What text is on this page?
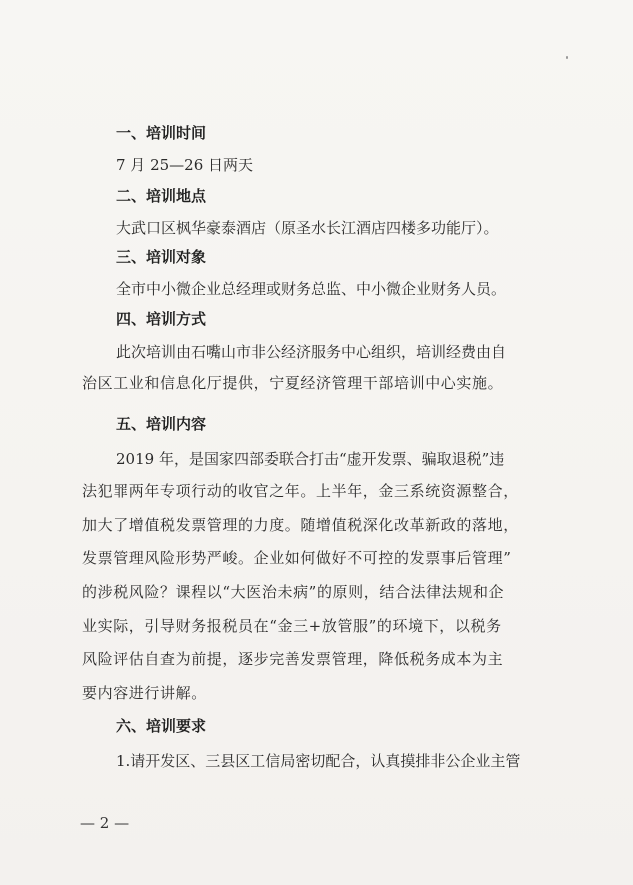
一、培训时间
7 月 25—26 日两天
二、培训地点
大武口区枫华豪泰酒店（原圣水长江酒店四楼多功能厅）。
三、培训对象
全市中小微企业总经理或财务总监、中小微企业财务人员。
四、培训方式
此次培训由石嘴山市非公经济服务中心组织，培训经费由自
治区工业和信息化厅提供，宁夏经济管理干部培训中心实施。
五、培训内容
2019 年，是国家四部委联合打击“虚开发票、骗取退税”违
法犯罪两年专项行动的收官之年。上半年，金三系统资源整合，
加大了增值税发票管理的力度。随增值税深化改革新政的落地，
发票管理风险形势严峻。企业如何做好不可控的发票事后管理”
的涉税风险？课程以“大医治未病”的原则，结合法律法规和企
业实际，引导财务报税员在“金三+放管服”的环境下，以税务
风险评估自查为前提，逐步完善发票管理，降低税务成本为主
要内容进行讲解。
六、培训要求
1.请开发区、三县区工信局密切配合，认真摸排非公企业主管
— 2 —
